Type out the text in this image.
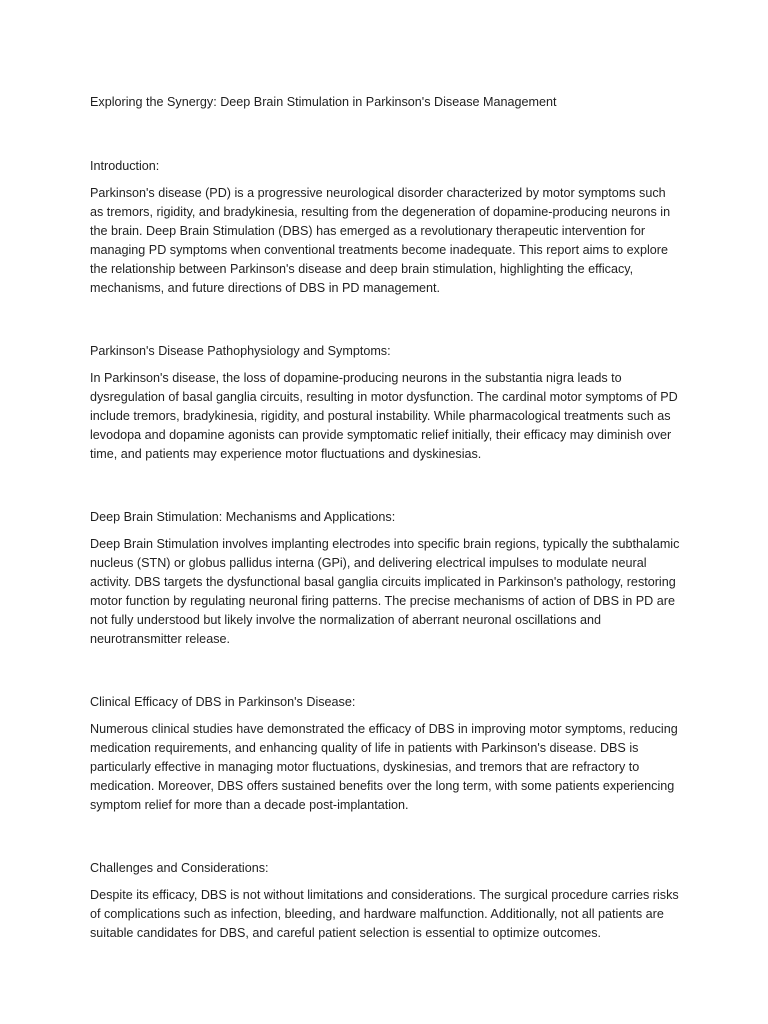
Exploring the Synergy: Deep Brain Stimulation in Parkinson's Disease Management
Introduction:

Parkinson's disease (PD) is a progressive neurological disorder characterized by motor symptoms such as tremors, rigidity, and bradykinesia, resulting from the degeneration of dopamine-producing neurons in the brain. Deep Brain Stimulation (DBS) has emerged as a revolutionary therapeutic intervention for managing PD symptoms when conventional treatments become inadequate. This report aims to explore the relationship between Parkinson's disease and deep brain stimulation, highlighting the efficacy, mechanisms, and future directions of DBS in PD management.

Parkinson's Disease Pathophysiology and Symptoms:

In Parkinson's disease, the loss of dopamine-producing neurons in the substantia nigra leads to dysregulation of basal ganglia circuits, resulting in motor dysfunction. The cardinal motor symptoms of PD include tremors, bradykinesia, rigidity, and postural instability. While pharmacological treatments such as levodopa and dopamine agonists can provide symptomatic relief initially, their efficacy may diminish over time, and patients may experience motor fluctuations and dyskinesias.

Deep Brain Stimulation: Mechanisms and Applications:

Deep Brain Stimulation involves implanting electrodes into specific brain regions, typically the subthalamic nucleus (STN) or globus pallidus interna (GPi), and delivering electrical impulses to modulate neural activity. DBS targets the dysfunctional basal ganglia circuits implicated in Parkinson's pathology, restoring motor function by regulating neuronal firing patterns. The precise mechanisms of action of DBS in PD are not fully understood but likely involve the normalization of aberrant neuronal oscillations and neurotransmitter release.

Clinical Efficacy of DBS in Parkinson's Disease:

Numerous clinical studies have demonstrated the efficacy of DBS in improving motor symptoms, reducing medication requirements, and enhancing quality of life in patients with Parkinson's disease. DBS is particularly effective in managing motor fluctuations, dyskinesias, and tremors that are refractory to medication. Moreover, DBS offers sustained benefits over the long term, with some patients experiencing symptom relief for more than a decade post-implantation.

Challenges and Considerations:

Despite its efficacy, DBS is not without limitations and considerations. The surgical procedure carries risks of complications such as infection, bleeding, and hardware malfunction. Additionally, not all patients are suitable candidates for DBS, and careful patient selection is essential to optimize outcomes.
